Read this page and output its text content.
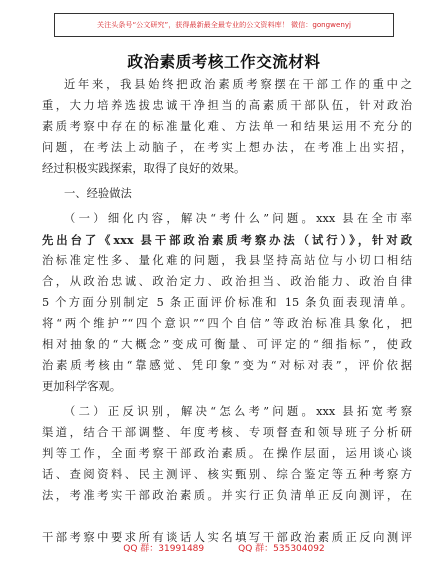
关注头条号“公文研究”，获得最新最全最专业的公文资料库！ 微信：gongwenyj
政治素质考核工作交流材料
近年来，我县始终把政治素质考察摆在干部工作的重中之
重，大力培养选拔忠诚干净担当的高素质干部队伍，针对政治
素质考察中存在的标准量化难、方法单一和结果运用不充分的
问题，在考法上动脑子，在考实上想办法，在考准上出实招，
经过积极实践探索，取得了良好的效果。
一、经验做法
（一）细化内容，解决“考什么”问题。xxx 县在全市率
先出台了《xxx 县干部政治素质考察办法（试行）》，针对政
治标准定性多、量化难的问题，我县坚持高站位与小切口相结
合，从政治忠诚、政治定力、政治担当、政治能力、政治自律
5 个方面分别制定 5 条正面评价标准和 15 条负面表现清单。
将“两个维护”“四个意识”“四个自信”等政治标准具象化，把
相对抽象的“大概念”变成可衡量、可评定的“细指标”，使政
治素质考核由“靠感觉、凭印象”变为“对标对表”，评价依据
更加科学客观。
（二）正反识别，解决“怎么考”问题。xxx 县拓宽考察
渠道，结合干部调整、年度考核、专项督查和领导班子分析研
判等工作，全面考察干部政治素质。在操作层面，运用谈心谈
话、查阅资料、民主测评、核实甄别、综合鉴定等五种考察方
法，考准考实干部政治素质。并实行正负清单正反向测评，在
干部考察中要求所有谈话人实名填写干部政治素质正反向测评
QQ 群：31991489	QQ 群：535304092
